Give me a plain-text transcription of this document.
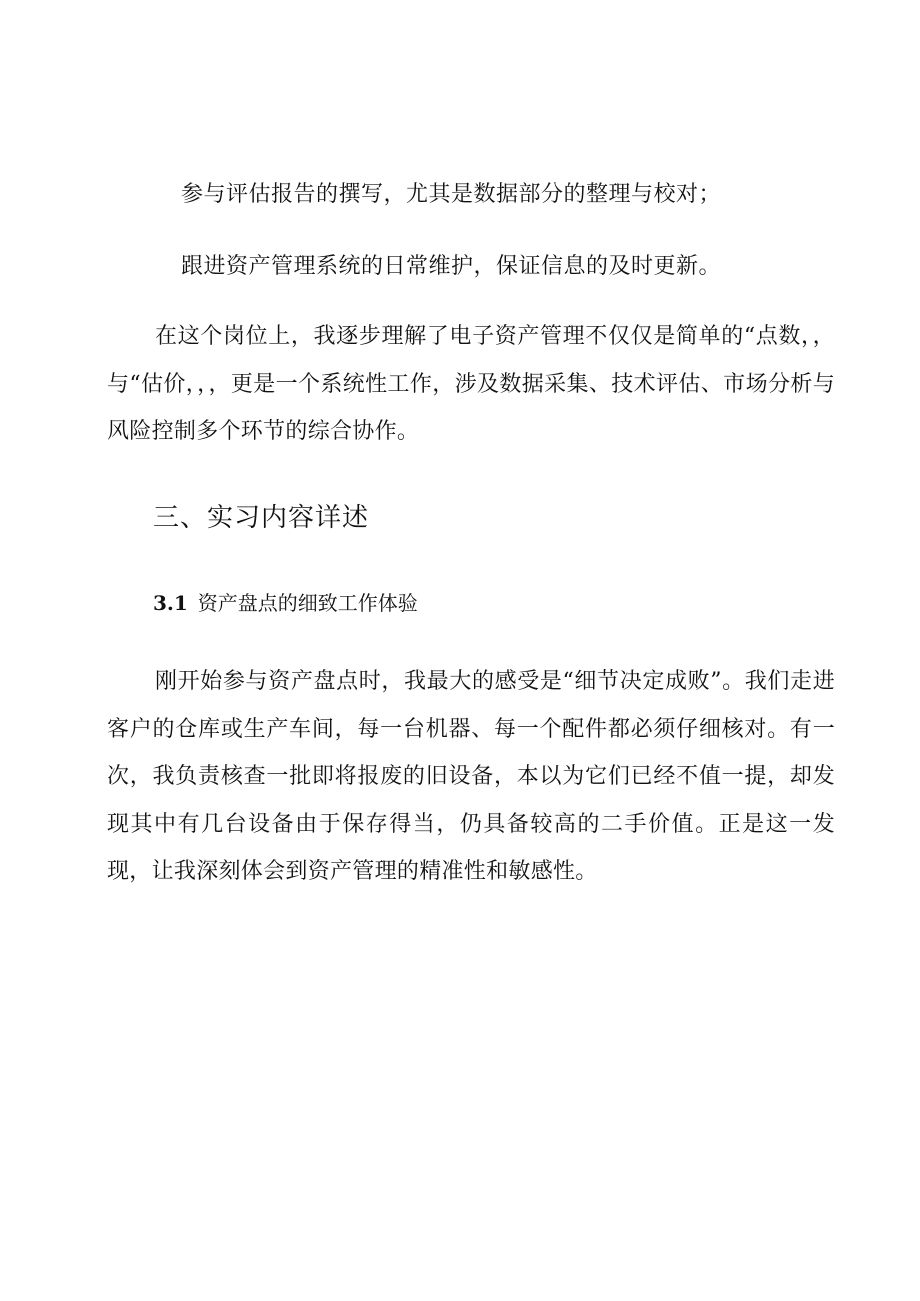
参与评估报告的撰写，尤其是数据部分的整理与校对；
跟进资产管理系统的日常维护，保证信息的及时更新。

在这个岗位上，我逐步理解了电子资产管理不仅仅是简单的“点数，，与“估价，，，更是一个系统性工作，涉及数据采集、技术评估、市场分析与风险控制多个环节的综合协作。

三、实习内容详述
3.1 资产盘点的细致工作体验

刚开始参与资产盘点时，我最大的感受是“细节决定成败”。我们走进客户的仓库或生产车间，每一台机器、每一个配件都必须仔细核对。有一次，我负责核查一批即将报废的旧设备，本以为它们已经不值一提，却发现其中有几台设备由于保存得当，仍具备较高的二手价值。正是这一发现，让我深刻体会到资产管理的精准性和敏感性。
